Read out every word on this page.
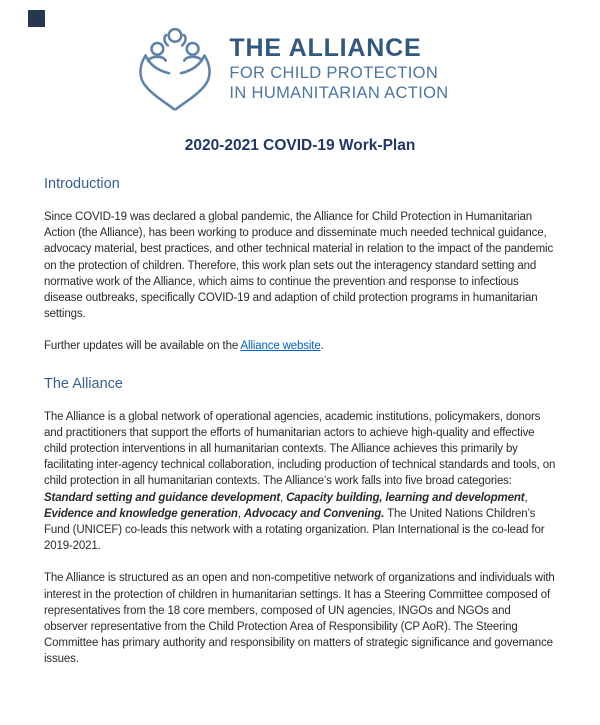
THE ALLIANCE
FOR CHILD PROTECTION
IN HUMANITARIAN ACTION
2020-2021 COVID-19 Work-Plan
Introduction

Since COVID-19 was declared a global pandemic, the Alliance for Child Protection in Humanitarian Action (the Alliance), has been working to produce and disseminate much needed technical guidance, advocacy material, best practices, and other technical material in relation to the impact of the pandemic on the protection of children. Therefore, this work plan sets out the interagency standard setting and normative work of the Alliance, which aims to continue the prevention and response to infectious disease outbreaks, specifically COVID-19 and adaption of child protection programs in humanitarian settings.

Further updates will be available on the Alliance website.

The Alliance

The Alliance is a global network of operational agencies, academic institutions, policymakers, donors and practitioners that support the efforts of humanitarian actors to achieve high-quality and effective child protection interventions in all humanitarian contexts. The Alliance achieves this primarily by facilitating inter-agency technical collaboration, including production of technical standards and tools, on child protection in all humanitarian contexts. The Alliance’s work falls into five broad categories: Standard setting and guidance development, Capacity building, learning and development, Evidence and knowledge generation, Advocacy and Convening. The United Nations Children’s Fund (UNICEF) co-leads this network with a rotating organization. Plan International is the co-lead for 2019-2021.

The Alliance is structured as an open and non-competitive network of organizations and individuals with interest in the protection of children in humanitarian settings. It has a Steering Committee composed of representatives from the 18 core members, composed of UN agencies, INGOs and NGOs and observer representative from the Child Protection Area of Responsibility (CP AoR). The Steering Committee has primary authority and responsibility on matters of strategic significance and governance issues.
